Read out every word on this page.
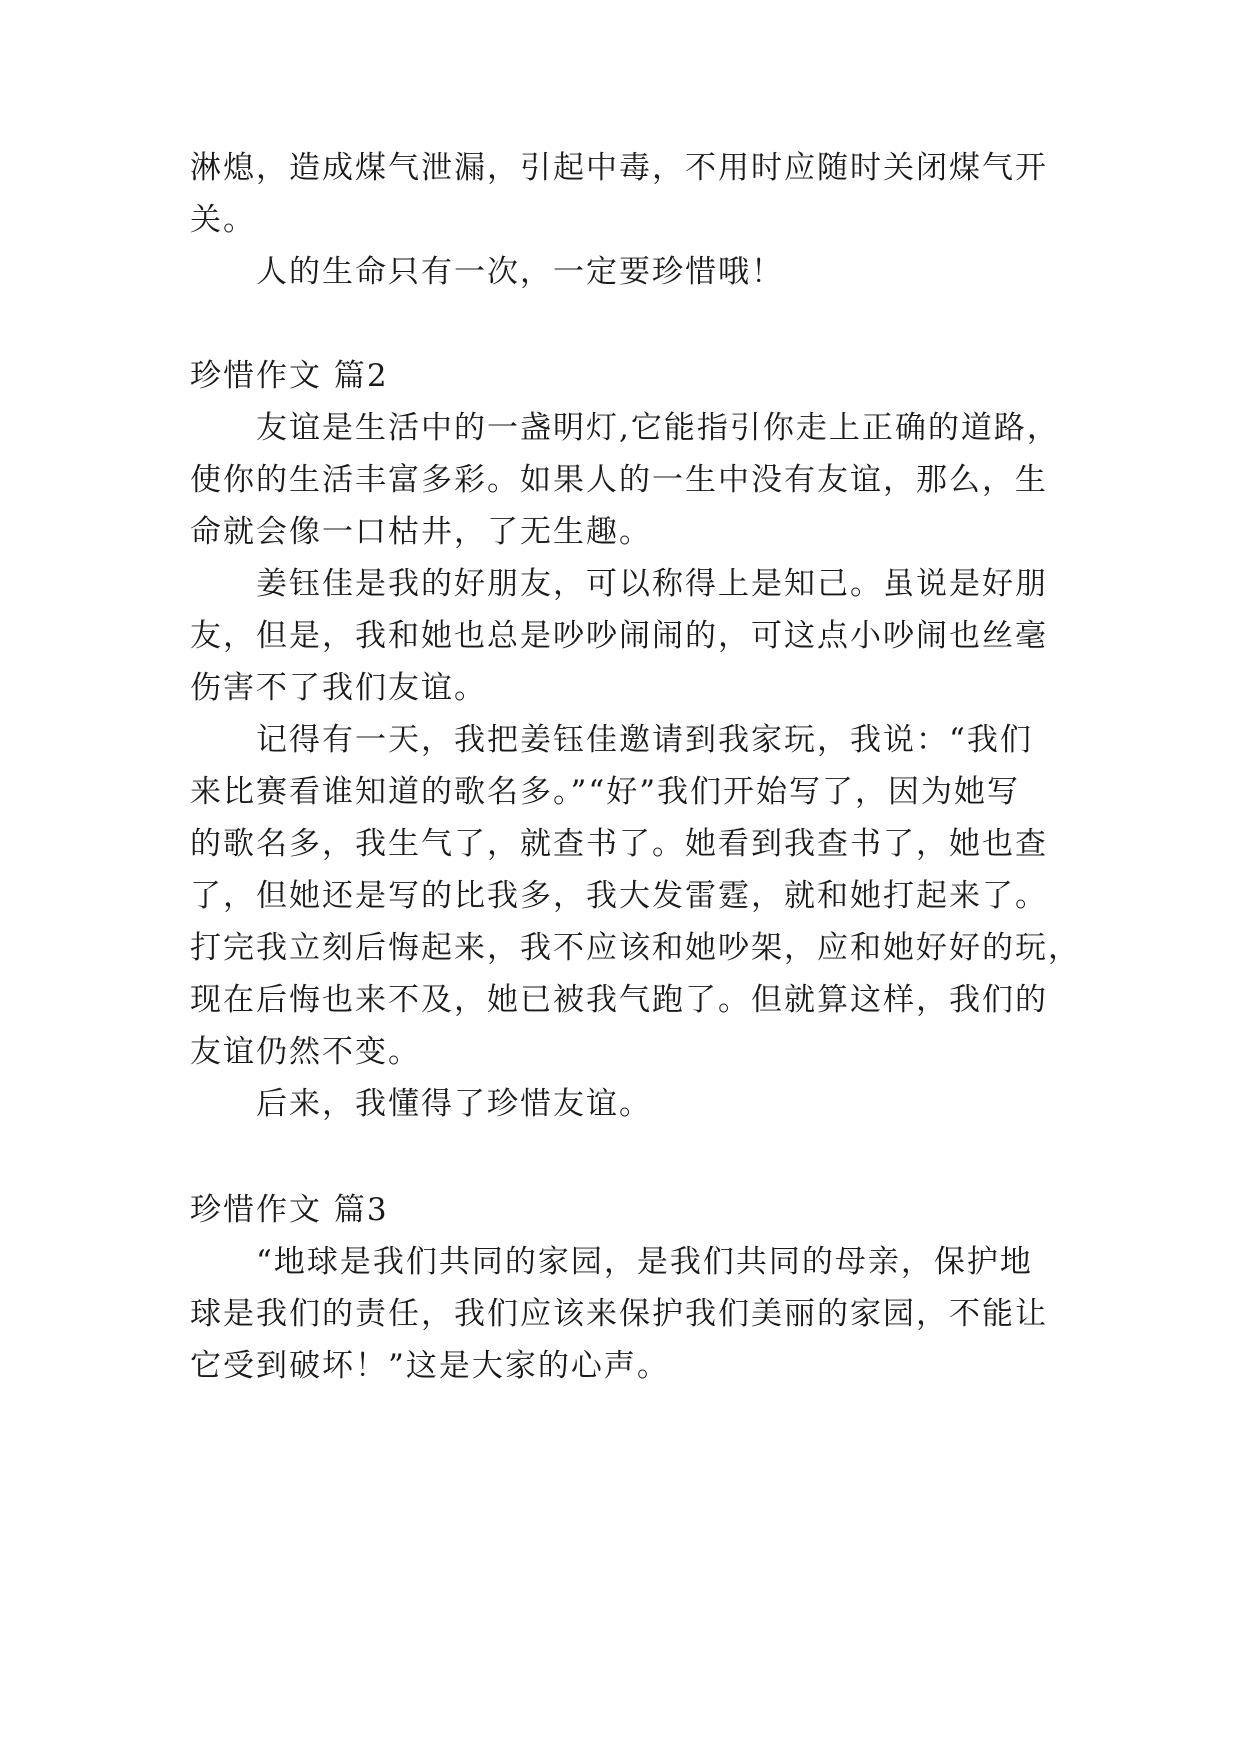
淋熄，造成煤气泄漏，引起中毒，不用时应随时关闭煤气开
关。
人的生命只有一次，一定要珍惜哦！
珍惜作文 篇2
友谊是生活中的一盏明灯,它能指引你走上正确的道路，
使你的生活丰富多彩。如果人的一生中没有友谊，那么，生
命就会像一口枯井，了无生趣。
姜钰佳是我的好朋友，可以称得上是知己。虽说是好朋
友，但是，我和她也总是吵吵闹闹的，可这点小吵闹也丝毫
伤害不了我们友谊。
记得有一天，我把姜钰佳邀请到我家玩，我说：“我们
来比赛看谁知道的歌名多。”“好”我们开始写了，因为她写
的歌名多，我生气了，就查书了。她看到我查书了，她也查
了，但她还是写的比我多，我大发雷霆，就和她打起来了。
打完我立刻后悔起来，我不应该和她吵架，应和她好好的玩，
现在后悔也来不及，她已被我气跑了。但就算这样，我们的
友谊仍然不变。
后来，我懂得了珍惜友谊。
珍惜作文 篇3
“地球是我们共同的家园，是我们共同的母亲，保护地
球是我们的责任，我们应该来保护我们美丽的家园，不能让
它受到破坏！”这是大家的心声。
